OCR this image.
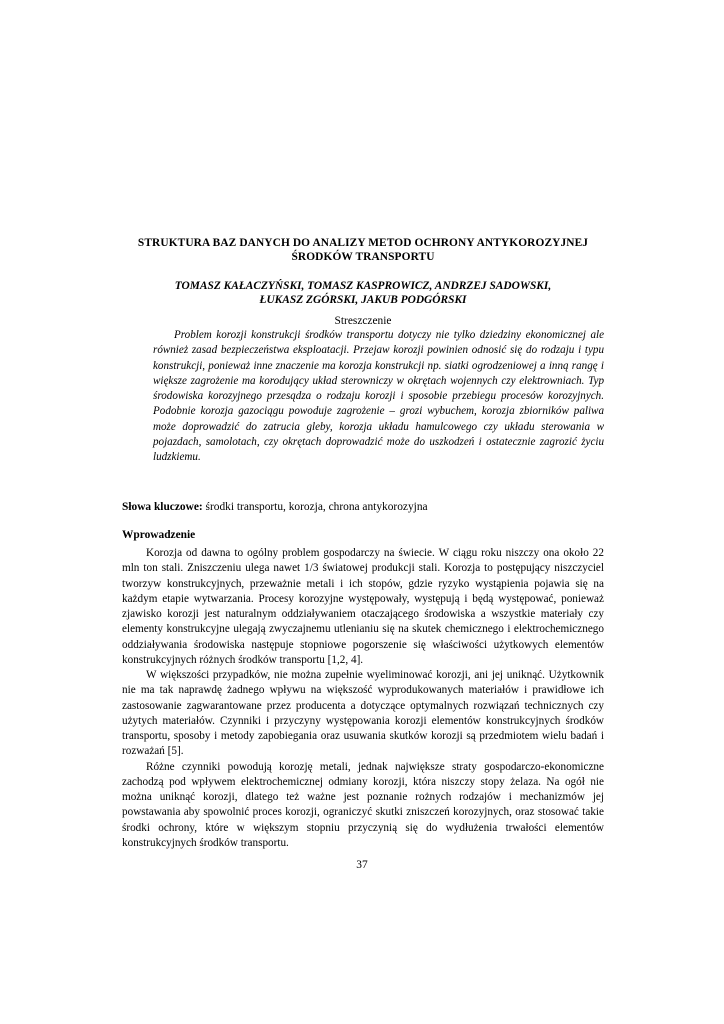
STRUKTURA BAZ DANYCH DO ANALIZY METOD OCHRONY ANTYKOROZYJNEJ
ŚRODKÓW TRANSPORTU
TOMASZ KAŁACZYŃSKI, TOMASZ KASPROWICZ, ANDRZEJ SADOWSKI,
ŁUKASZ ZGÓRSKI, JAKUB PODGÓRSKI
Streszczenie
Problem korozji konstrukcji środków transportu dotyczy nie tylko dziedziny ekonomicznej ale również zasad bezpieczeństwa eksploatacji. Przejaw korozji powinien odnosić się do rodzaju i typu konstrukcji, ponieważ inne znaczenie ma korozja konstrukcji np. siatki ogrodzeniowej a inną rangę i większe zagrożenie ma korodujący układ sterowniczy w okrętach wojennych czy elektrowniach. Typ środowiska korozyjnego przesądza o rodzaju korozji i sposobie przebiegu procesów korozyjnych. Podobnie korozja gazociągu powoduje zagrożenie – grozi wybuchem, korozja zbiorników paliwa może doprowadzić do zatrucia gleby, korozja układu hamulcowego czy układu sterowania w pojazdach, samolotach, czy okrętach doprowadzić może do uszkodzeń i ostatecznie zagrozić życiu ludzkiemu.
Słowa kluczowe: środki transportu, korozja, chrona antykorozyjna
Wprowadzenie

Korozja od dawna to ogólny problem gospodarczy na świecie. W ciągu roku niszczy ona około 22 mln ton stali. Zniszczeniu ulega nawet 1/3 światowej produkcji stali. Korozja to postępujący niszczyciel tworzyw konstrukcyjnych, przeważnie metali i ich stopów, gdzie ryzyko wystąpienia pojawia się na każdym etapie wytwarzania. Procesy korozyjne występowały, występują i będą występować, ponieważ zjawisko korozji jest naturalnym oddziaływaniem otaczającego środowiska a wszystkie materiały czy elementy konstrukcyjne ulegają zwyczajnemu utlenianiu się na skutek chemicznego i elektrochemicznego oddziaływania środowiska następuje stopniowe pogorszenie się właściwości użytkowych elementów konstrukcyjnych różnych środków transportu [1,2, 4].

W większości przypadków, nie można zupełnie wyeliminować korozji, ani jej uniknąć. Użytkownik nie ma tak naprawdę żadnego wpływu na większość wyprodukowanych materiałów i prawidłowe ich zastosowanie zagwarantowane przez producenta a dotyczące optymalnych rozwiązań technicznych czy użytych materiałów. Czynniki i przyczyny występowania korozji elementów konstrukcyjnych środków transportu, sposoby i metody zapobiegania oraz usuwania skutków korozji są przedmiotem wielu badań i rozważań [5].

Różne czynniki powodują korozję metali, jednak największe straty gospodarczo-ekonomiczne zachodzą pod wpływem elektrochemicznej odmiany korozji, która niszczy stopy żelaza. Na ogół nie można uniknąć korozji, dlatego też ważne jest poznanie rożnych rodzajów i mechanizmów jej powstawania aby spowolnić proces korozji, ograniczyć skutki zniszczeń korozyjnych, oraz stosować takie środki ochrony, które w większym stopniu przyczynią się do wydłużenia trwałości elementów konstrukcyjnych środków transportu.

37
